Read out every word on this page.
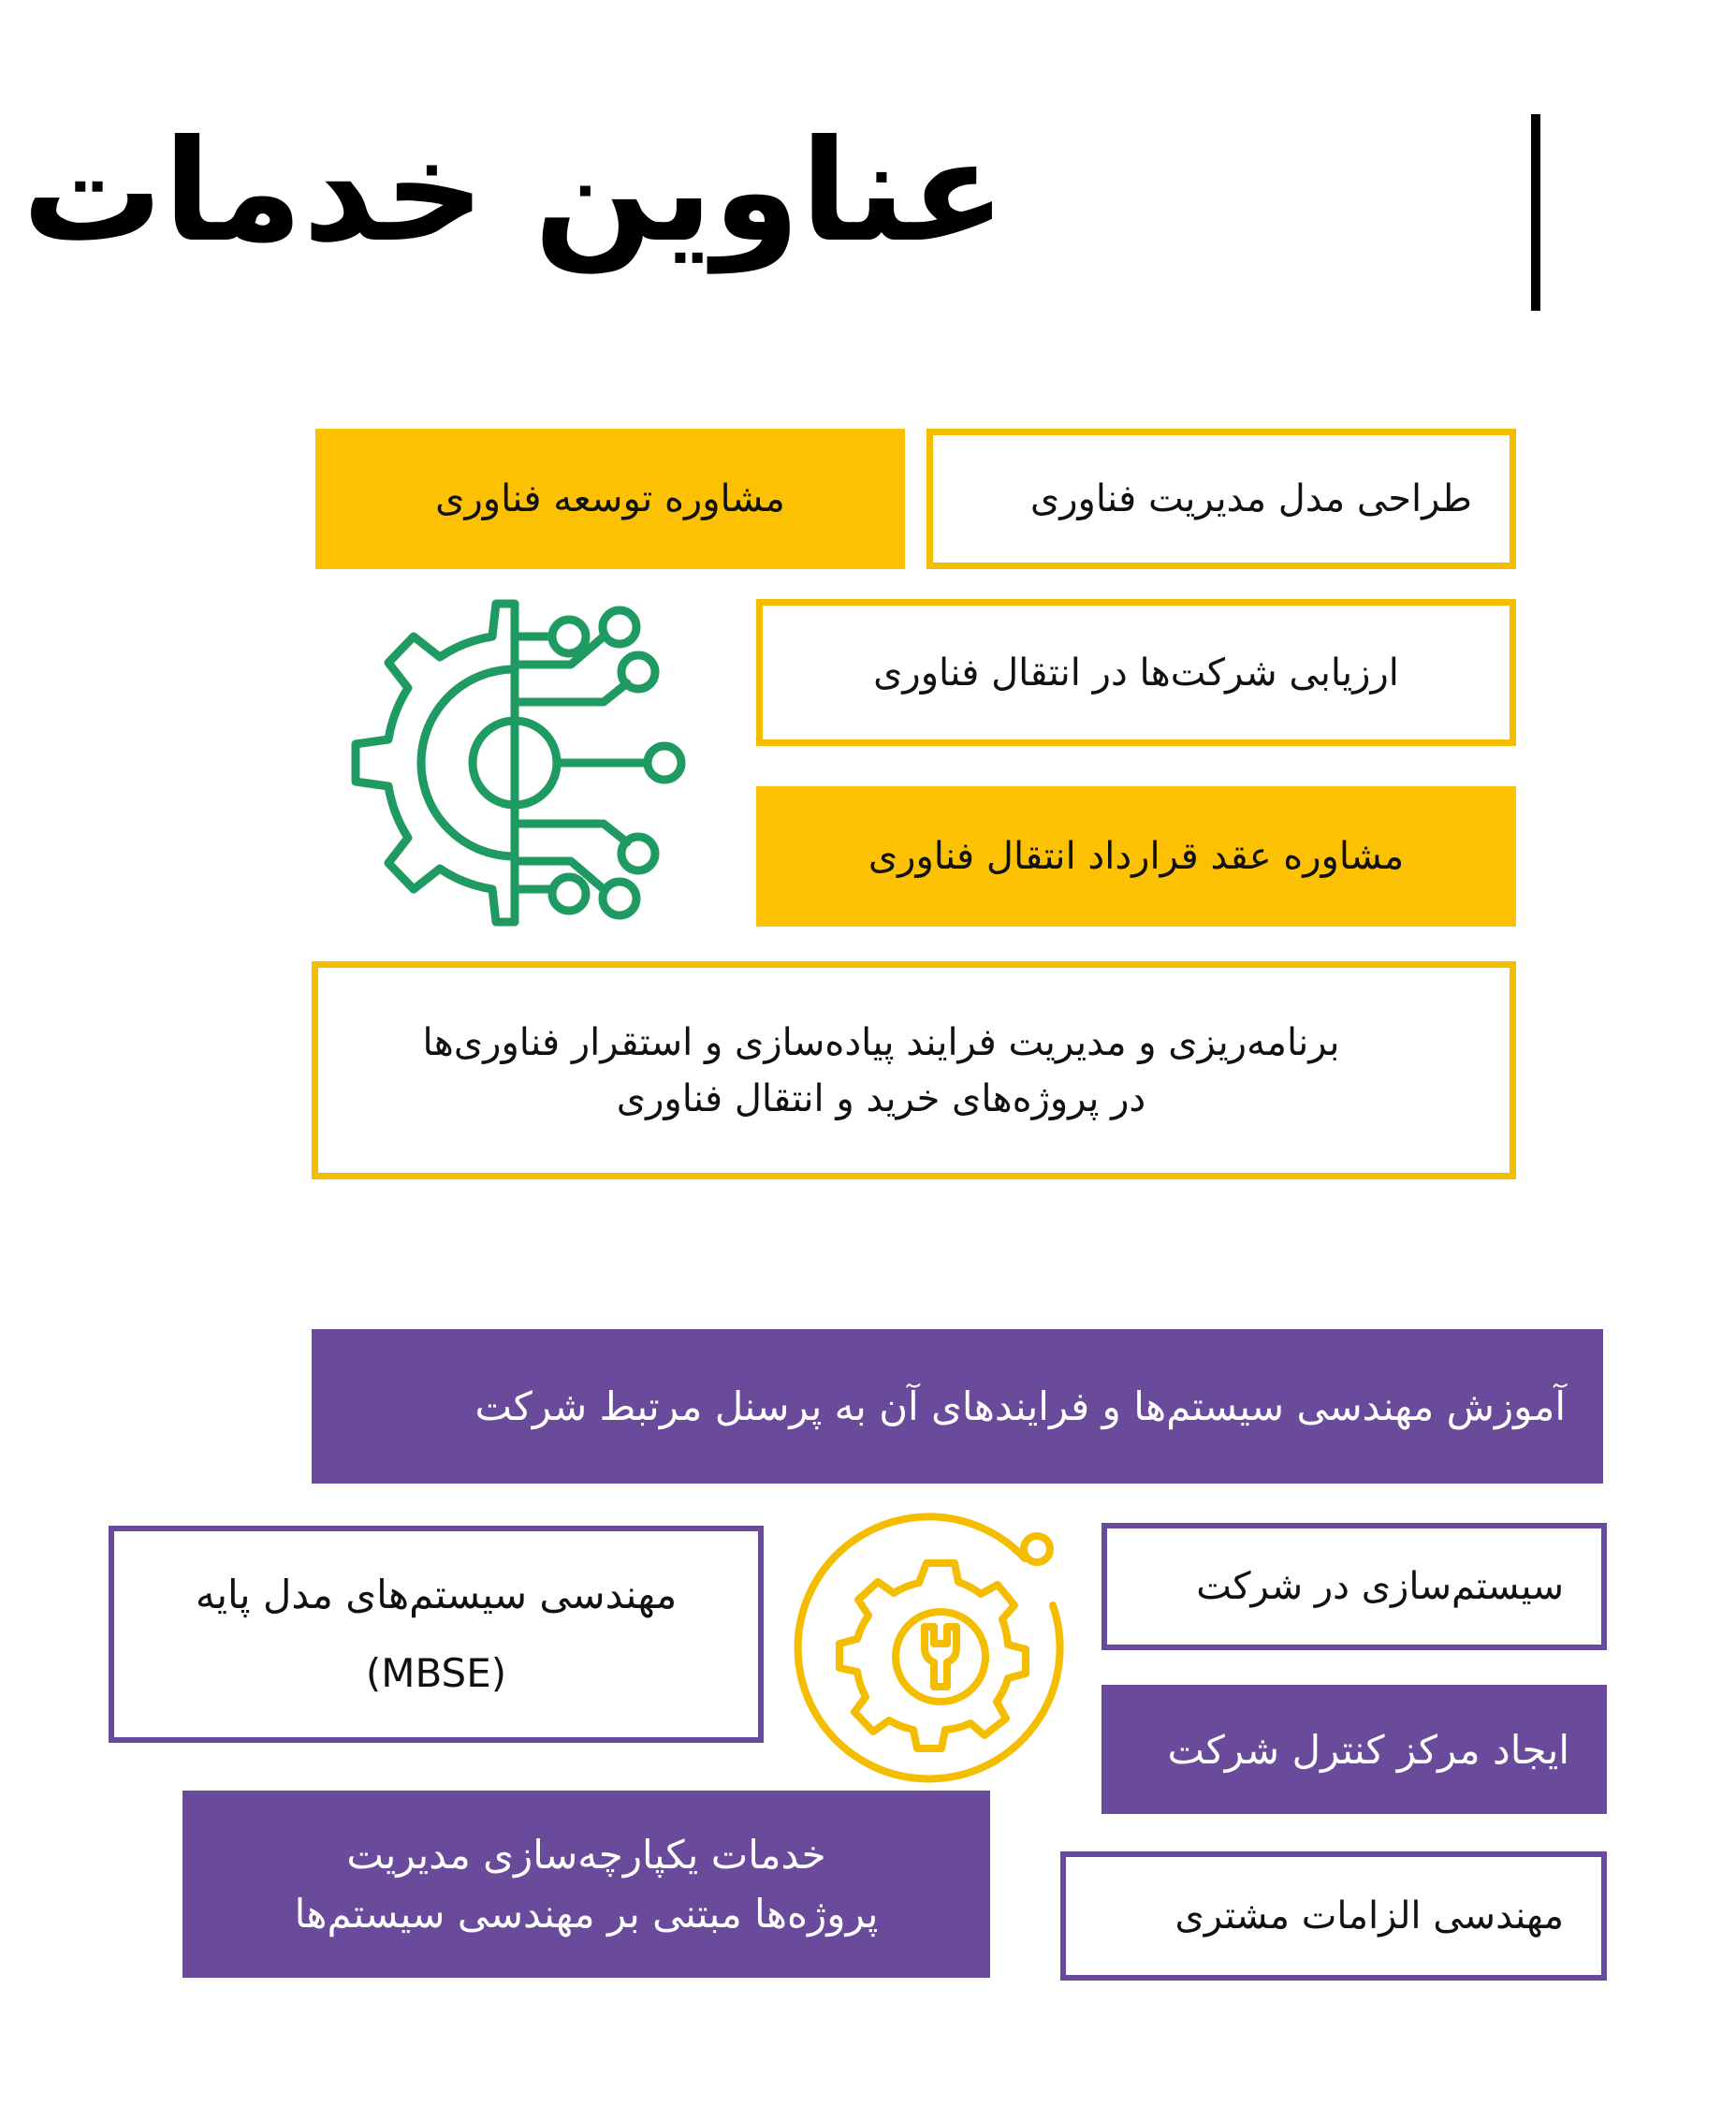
عناوین خدمات
مشاوره توسعه فناوری	طراحی مدل مدیریت فناوری
ارزیابی شرکت‌ها در انتقال فناوری
مشاوره عقد قرارداد انتقال فناوری
برنامه‌ریزی و مدیریت فرایند پیاده‌سازی و استقرار فناوری‌ها
در پروژه‌های خرید و انتقال فناوری
آموزش مهندسی سیستم‌ها و فرایندهای آن به پرسنل مرتبط شرکت
مهندسی سیستم‌های مدل پایه
(MBSE)
سیستم‌سازی در شرکت
ایجاد مرکز کنترل شرکت
خدمات یکپارچه‌سازی مدیریت
پروژه‌ها مبتنی بر مهندسی سیستم‌ها	مهندسی الزامات مشتری
